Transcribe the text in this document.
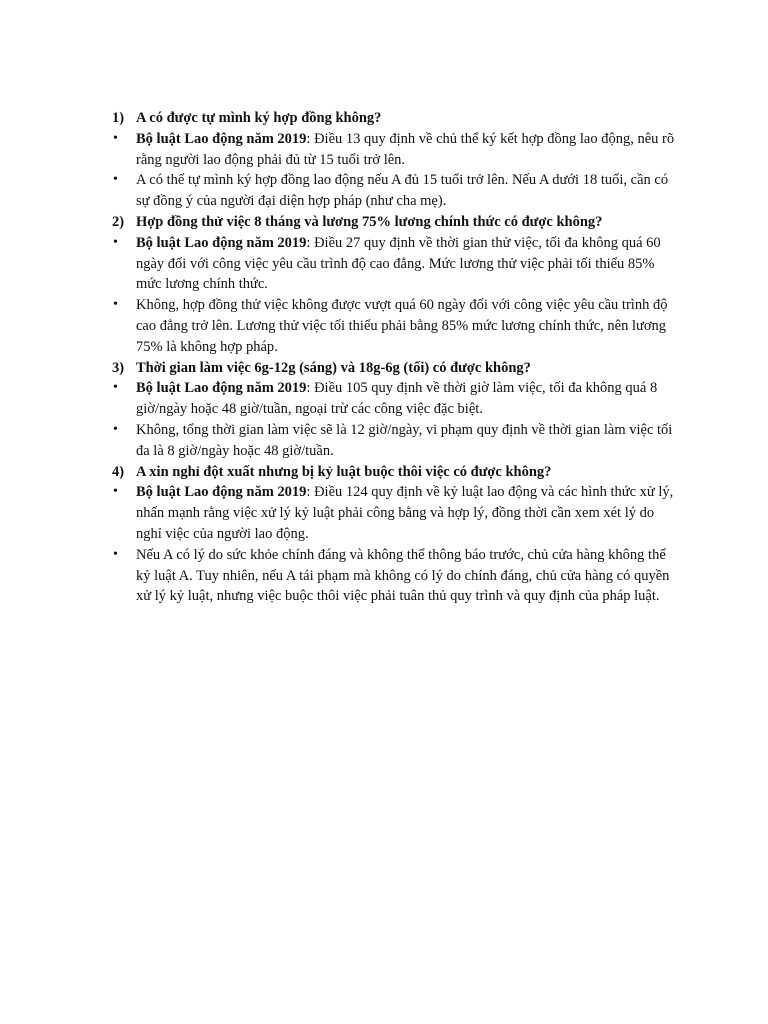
1) A có được tự mình ký hợp đồng không?
• Bộ luật Lao động năm 2019: Điều 13 quy định về chủ thể ký kết hợp đồng lao động, nêu rõ rằng người lao động phải đủ từ 15 tuổi trở lên.
• A có thể tự mình ký hợp đồng lao động nếu A đủ 15 tuổi trở lên. Nếu A dưới 18 tuổi, cần có sự đồng ý của người đại diện hợp pháp (như cha mẹ).
2) Hợp đồng thử việc 8 tháng và lương 75% lương chính thức có được không?
• Bộ luật Lao động năm 2019: Điều 27 quy định về thời gian thử việc, tối đa không quá 60 ngày đối với công việc yêu cầu trình độ cao đẳng. Mức lương thử việc phải tối thiểu 85% mức lương chính thức.
• Không, hợp đồng thử việc không được vượt quá 60 ngày đối với công việc yêu cầu trình độ cao đẳng trở lên. Lương thử việc tối thiểu phải bằng 85% mức lương chính thức, nên lương 75% là không hợp pháp.
3) Thời gian làm việc 6g-12g (sáng) và 18g-6g (tối) có được không?
• Bộ luật Lao động năm 2019: Điều 105 quy định về thời giờ làm việc, tối đa không quá 8 giờ/ngày hoặc 48 giờ/tuần, ngoại trừ các công việc đặc biệt.
• Không, tổng thời gian làm việc sẽ là 12 giờ/ngày, vi phạm quy định về thời gian làm việc tối đa là 8 giờ/ngày hoặc 48 giờ/tuần.
4) A xin nghỉ đột xuất nhưng bị kỷ luật buộc thôi việc có được không?
• Bộ luật Lao động năm 2019: Điều 124 quy định về kỷ luật lao động và các hình thức xử lý, nhấn mạnh rằng việc xử lý kỷ luật phải công bằng và hợp lý, đồng thời cần xem xét lý do nghỉ việc của người lao động.
• Nếu A có lý do sức khỏe chính đáng và không thể thông báo trước, chủ cửa hàng không thể kỷ luật A. Tuy nhiên, nếu A tái phạm mà không có lý do chính đáng, chủ cửa hàng có quyền xử lý kỷ luật, nhưng việc buộc thôi việc phải tuân thủ quy trình và quy định của pháp luật.
